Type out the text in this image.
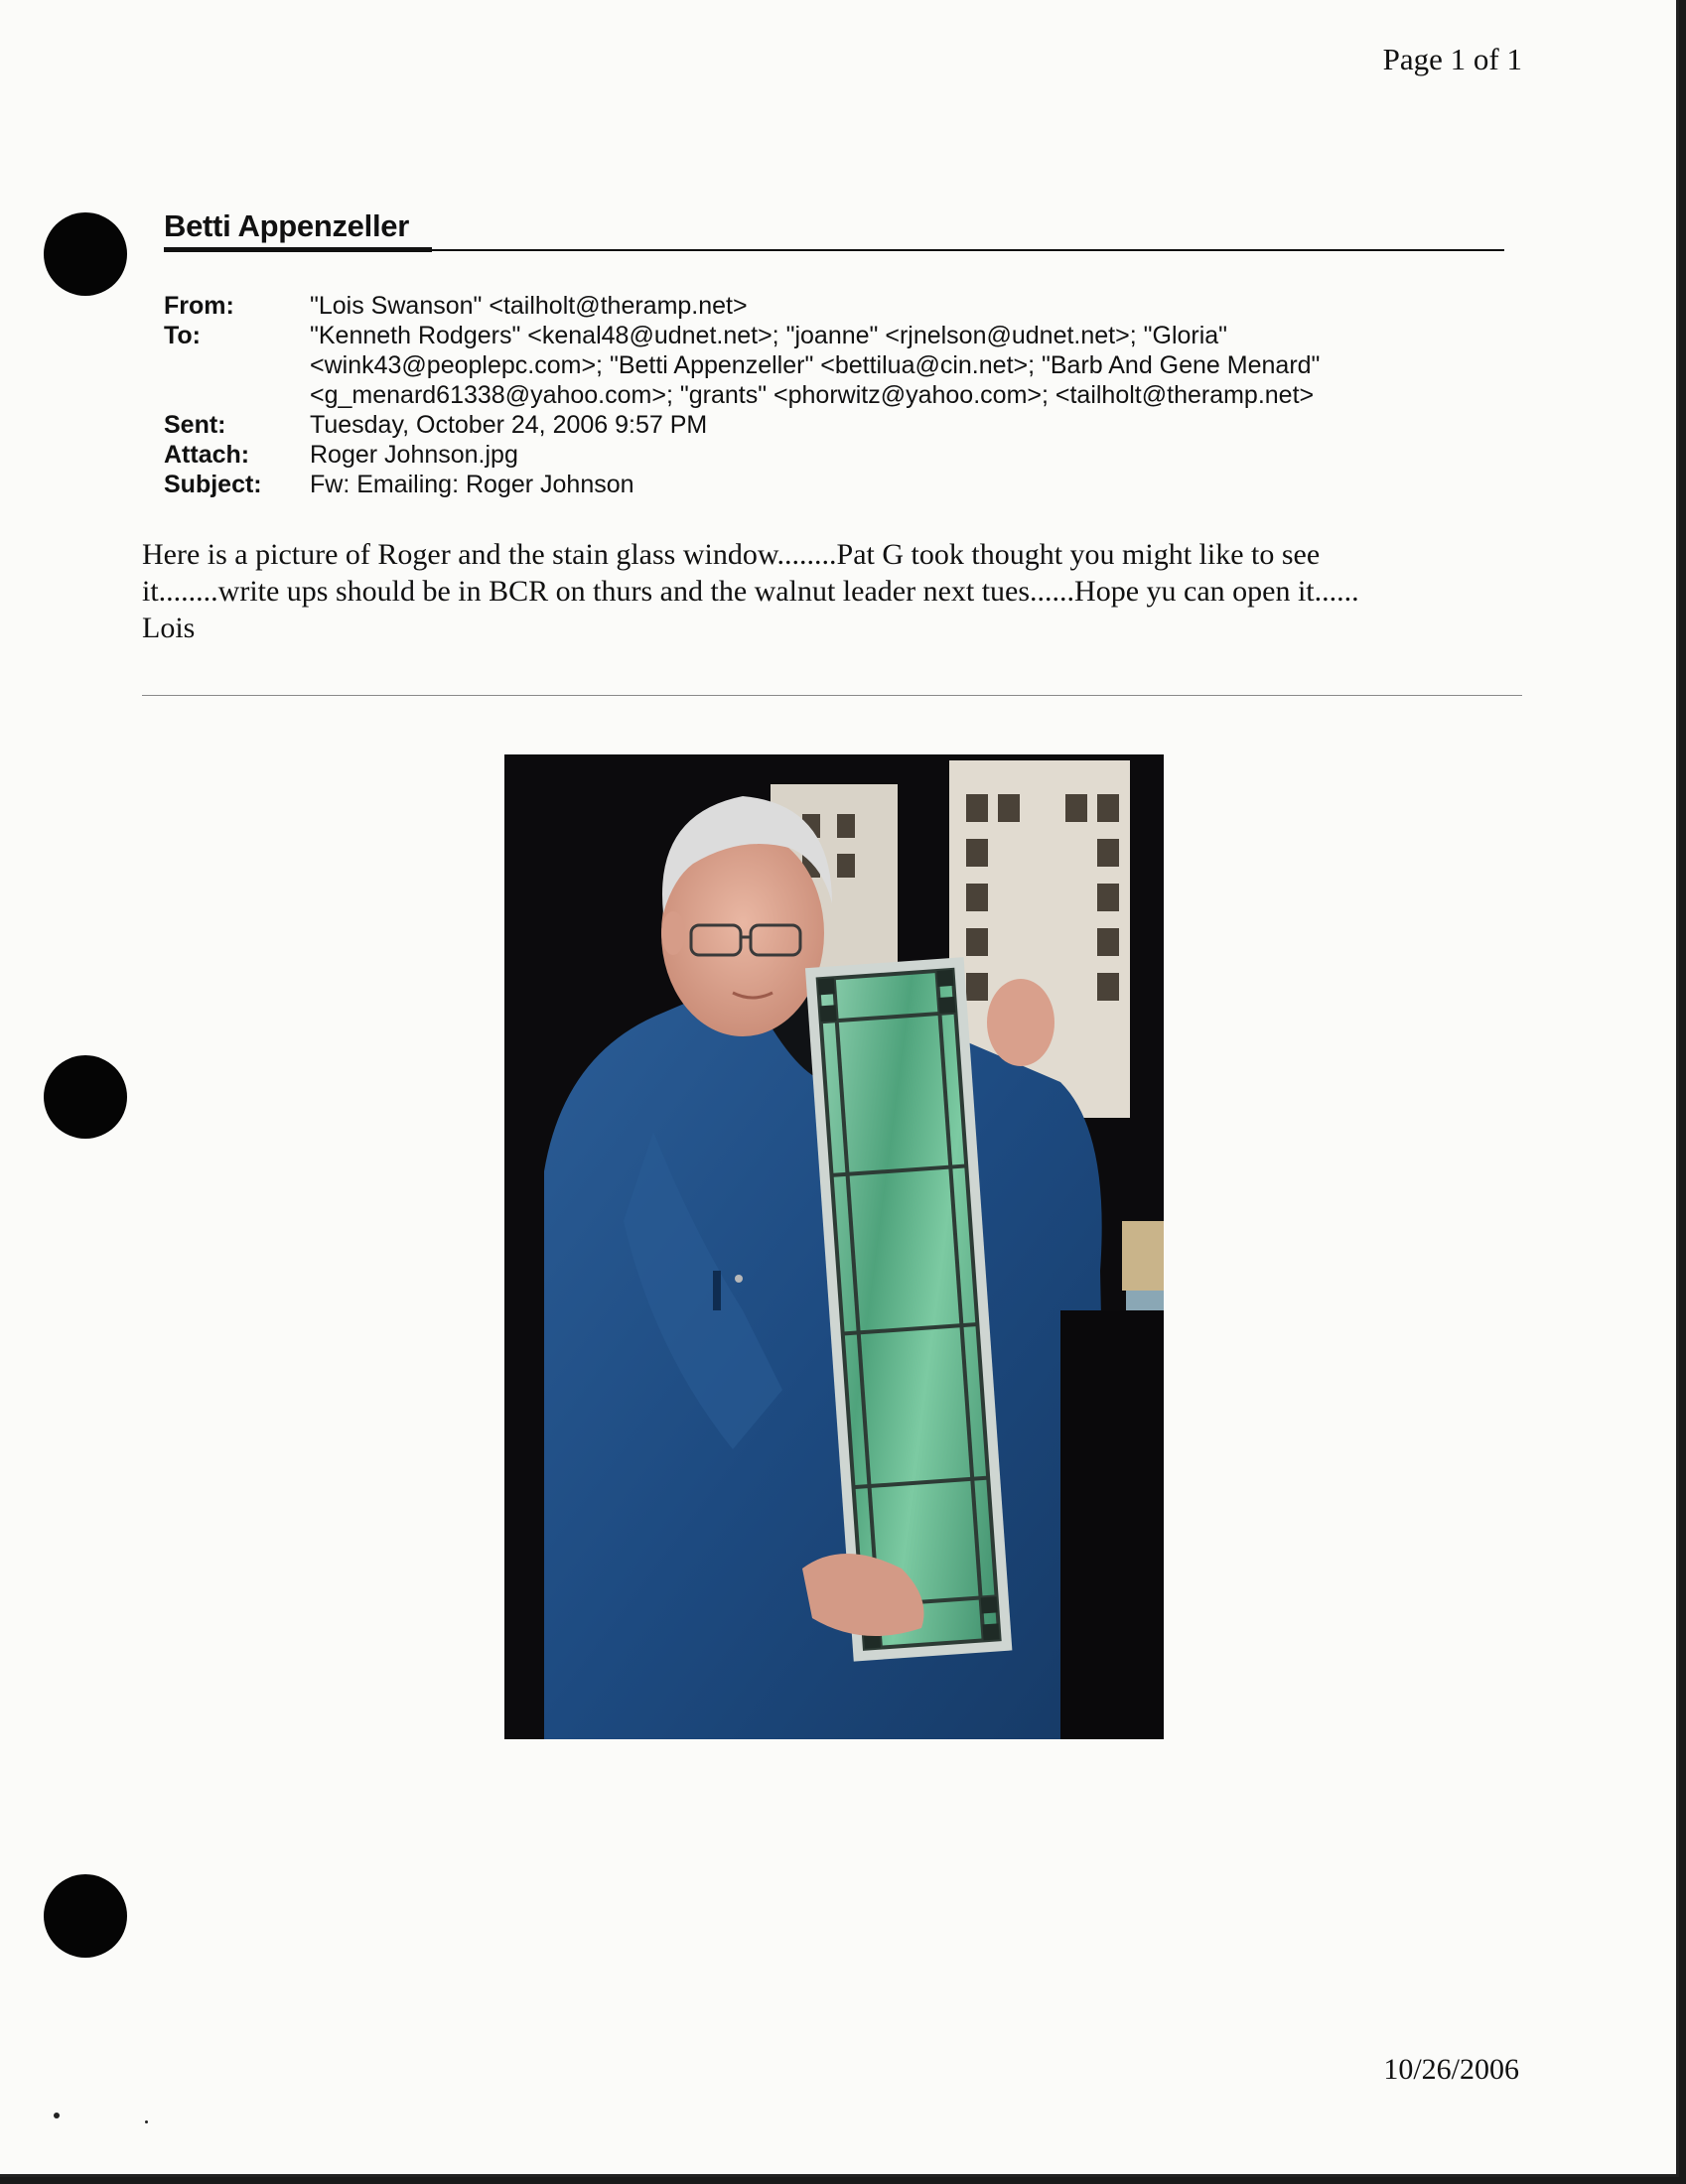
Page 1 of 1
Betti Appenzeller
From:	"Lois Swanson" <tailholt@theramp.net>
To:	"Kenneth Rodgers" <kenal48@udnet.net>; "joanne" <rjnelson@udnet.net>; "Gloria"
<wink43@peoplepc.com>; "Betti Appenzeller" <bettilua@cin.net>; "Barb And Gene Menard"
<g_menard61338@yahoo.com>; "grants" <phorwitz@yahoo.com>; <tailholt@theramp.net>
Sent:	Tuesday, October 24, 2006 9:57 PM
Attach:	Roger Johnson.jpg
Subject:	Fw: Emailing: Roger Johnson

Here is a picture of Roger and the stain glass window........Pat G took thought you might like to see

it........write ups should be in BCR on thurs and the walnut leader next tues......Hope yu can open it......

Lois

10/26/2006
